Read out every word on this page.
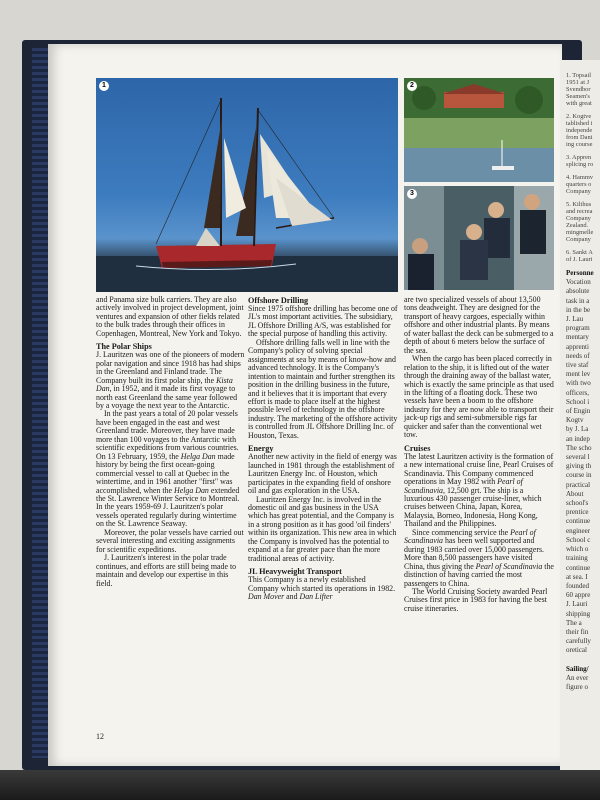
1	2
3

and Panama size bulk carriers. They are also actively involved in project development, joint ventures and expansion of other fields related to the bulk trades through their offices in Copenhagen, Montreal, New York and Tokyo.

The Polar Ships

J. Lauritzen was one of the pioneers of modern polar navigation and since 1918 has had ships in the Greenland and Finland trade. The Company built its first polar ship, the Kista Dan, in 1952, and it made its first voyage to north east Greenland the same year followed by a voyage the next year to the Antarctic.

In the past years a total of 20 polar vessels have been engaged in the east and west Greenland trade. Moreover, they have made more than 100 voyages to the Antarctic with scientific expeditions from various countries. On 13 February, 1959, the Helga Dan made history by being the first ocean-going commercial vessel to call at Quebec in the wintertime, and in 1961 another "first" was accomplished, when the Helga Dan extended the St. Lawrence Winter Service to Montreal. In the years 1959-69 J. Lauritzen's polar vessels operated regularly during wintertime on the St. Lawrence Seaway.

Moreover, the polar vessels have carried out several interesting and exciting assignments for scientific expeditions.

J. Lauritzen's interest in the polar trade continues, and efforts are still being made to maintain and develop our expertise in this field.

Offshore Drilling

Since 1975 offshore drilling has become one of JL's most important activities. The subsidiary, JL Offshore Drilling A/S, was established for the special purpose of handling this activity.

Offshore drilling falls well in line with the Company's policy of solving special assignments at sea by means of know-how and advanced technology. It is the Company's intention to maintain and further strengthen its position in the drilling business in the future, and it believes that it is important that every effort is made to place itself at the highest possible level of technology in the offshore industry. The marketing of the offshore activity is controlled from JL Offshore Drilling Inc. of Houston, Texas.

Energy

Another new activity in the field of energy was launched in 1981 through the establishment of Lauritzen Energy Inc. of Houston, which participates in the expanding field of onshore oil and gas exploration in the USA.

Lauritzen Energy Inc. is involved in the domestic oil and gas business in the USA which has great potential, and the Company is in a strong position as it has good 'oil finders' within its organization. This new area in which the Company is involved has the potential to expand at a far greater pace than the more traditional areas of activity.

JL Heavyweight Transport

This Company is a newly established Company which started its operations in 1982. Dan Mover and Dan Lifter

are two specialized vessels of about 13,500 tons deadweight. They are designed for the transport of heavy cargoes, especially within offshore and other industrial plants. By means of water ballast the deck can be submerged to a depth of about 6 meters below the surface of the sea.

When the cargo has been placed correctly in relation to the ship, it is lifted out of the water through the draining away of the ballast water, which is exactly the same principle as that used in the lifting of a floating dock. These two vessels have been a boom to the offshore industry for they are now able to transport their jack-up rigs and semi-submersible rigs far quicker and safer than the conventional wet tow.

Cruises

The latest Lauritzen activity is the formation of a new international cruise line, Pearl Cruises of Scandinavia. This Company commenced operations in May 1982 with Pearl of Scandinavia, 12,500 grt. The ship is a luxurious 430 passenger cruise-liner, which cruises between China, Japan, Korea, Malaysia, Borneo, Indonesia, Hong Kong, Thailand and the Philippines.

Since commencing service the Pearl of Scandinavia has been well supported and during 1983 carried over 15,000 passengers. More than 8,500 passengers have visited China, thus giving the Pearl of Scandinavia the distinction of having carried the most passengers to China.

The World Cruising Society awarded Pearl Cruises first price in 1983 for having the best cruise itineraries.

12

1. Topsail

1951 at J

Svendbor

Seamen's

with great

2. Kogtve

tablished i

independe

from Dani

ing course

3. Appren

splicing ro

4. Hammv

quarters o

Company

5. Kilthus

and recrea

Company

Zealand.

mingmelle

Company

6. Sankt A

of J. Lauri

Personne

Vocation

absolute

task in a

in the be

J. Lau

program

mentary

apprenti

needs of

tive staf

ment lev

with two

officers,

School i

of Engin

Kogtv

by J. La

an indep

The scho

several l

giving th

course in

practical

About

school's

prentice

continue

engineer

School c

which o

training

continue

at sea. I

founded

60 appre

J. Lauri

shipping

The a

their fin

carefully

oretical

Sailing/

An ever

figure o
